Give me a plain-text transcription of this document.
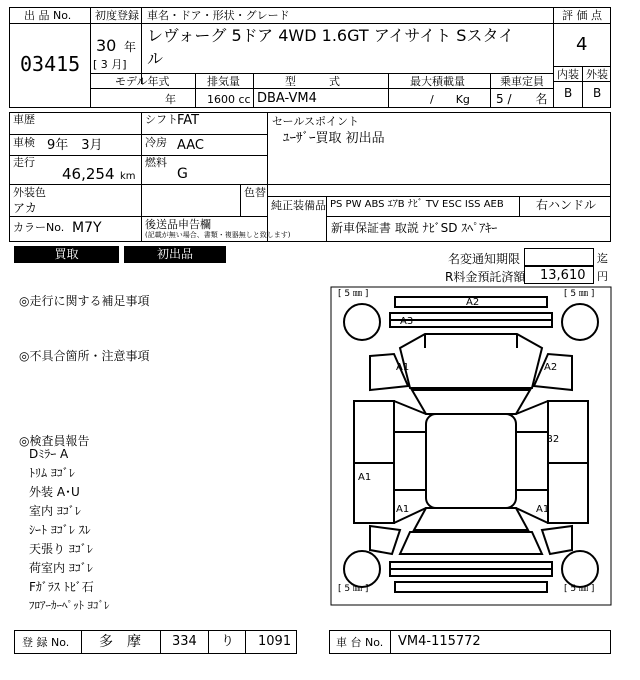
出 品 No.
03415
初度登録
30 年
[ 3 月]
車名・ドア・形状・グレード
レヴォーグ 5ドア 4WD 1.6GT アイサイト Sスタイ
ル
評 価 点
4
内装 外装
B B
モデル年式
年
排気量
1600 cc
型　　　式
DBA-VM4
最大積載量
/　　Kg
乗車定員
5 /　　名
車歴
車検 9年　3月
走行
46,254 km
シフト FAT
冷房 AAC
燃料
G
セールスポイント
ﾕｰｻﾞｰ買取 初出品
外装色
アカ
色替
カラーNo. M7Y	後送品申告欄
(記載が無い場合、書類・複器無しと致します)
純正装備品 PS PW ABS ｴｱB ﾅﾋﾞ TV ESC ISS AEB	右ハンドル
新車保証書 取説 ﾅﾋﾞSD ｽﾍﾟｱｷｰ
買取	初出品	名変通知期限	迄
R料金預託済額 13,610 円
◎走行に関する補足事項
◎不具合箇所・注意事項
◎検査員報告
Dﾐﾗｰ A
ﾄﾘﾑ ﾖｺﾞﾚ
外装 A･U
室内 ﾖｺﾞﾚ
ｼｰﾄ ﾖｺﾞﾚ ｽﾚ
天張り ﾖｺﾞﾚ
荷室内 ﾖｺﾞﾚ
Fｶﾞﾗｽ ﾄﾋﾞ石
ﾌﾛｱｰｶｰﾍﾟｯﾄ ﾖｺﾞﾚ
[ 5 ㎜ ]	[ 5 ㎜ ]
[ 5 ㎜ ]	[ 5 ㎜ ]
A2
A3
A1	A2
B2
A1
A1	A1
登 録 No. 多　摩 334 り 1091	車 台 No. VM4-115772
